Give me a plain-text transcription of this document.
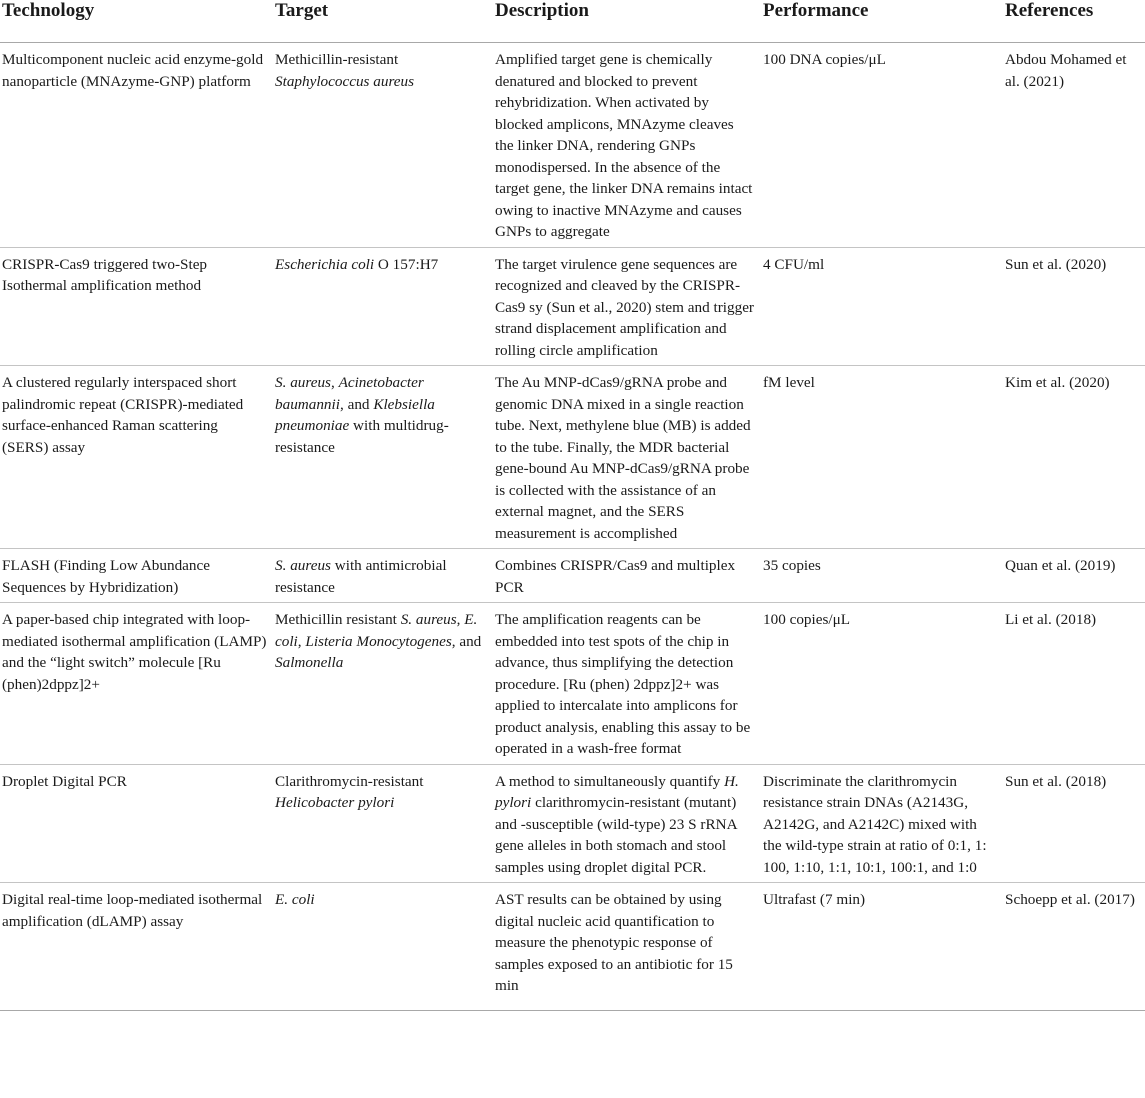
Technology	Target	Description	Performance	References
Multicomponent nucleic acid enzyme-gold nanoparticle (MNAzyme-GNP) platform	Methicillin-resistant Staphylococcus aureus	Amplified target gene is chemically denatured and blocked to prevent rehybridization. When activated by blocked amplicons, MNAzyme cleaves the linker DNA, rendering GNPs monodispersed. In the absence of the target gene, the linker DNA remains intact owing to inactive MNAzyme and causes GNPs to aggregate	100 DNA copies/μL	Abdou Mohamed et al. (2021)
CRISPR-Cas9 triggered two-Step Isothermal amplification method	Escherichia coli O 157:H7	The target virulence gene sequences are recognized and cleaved by the CRISPR-Cas9 sy (Sun et al., 2020) stem and trigger strand displacement amplification and rolling circle amplification	4 CFU/ml	Sun et al. (2020)
A clustered regularly interspaced short palindromic repeat (CRISPR)-mediated surface-enhanced Raman scattering (SERS) assay	S. aureus, Acinetobacter baumannii, and Klebsiella pneumoniae with multidrug-resistance	The Au MNP-dCas9/gRNA probe and genomic DNA mixed in a single reaction tube. Next, methylene blue (MB) is added to the tube. Finally, the MDR bacterial gene-bound Au MNP-dCas9/gRNA probe is collected with the assistance of an external magnet, and the SERS measurement is accomplished	fM level	Kim et al. (2020)
FLASH (Finding Low Abundance Sequences by Hybridization)	S. aureus with antimicrobial resistance	Combines CRISPR/Cas9 and multiplex PCR	35 copies	Quan et al. (2019)
A paper-based chip integrated with loop-mediated isothermal amplification (LAMP) and the “light switch” molecule [Ru (phen)2dppz]2+	Methicillin resistant S. aureus, E. coli, Listeria Monocytogenes, and Salmonella	The amplification reagents can be embedded into test spots of the chip in advance, thus simplifying the detection procedure. [Ru (phen) 2dppz]2+ was applied to intercalate into amplicons for product analysis, enabling this assay to be operated in a wash-free format	100 copies/μL	Li et al. (2018)
Droplet Digital PCR	Clarithromycin-resistant Helicobacter pylori	A method to simultaneously quantify H. pylori clarithromycin-resistant (mutant) and -susceptible (wild-type) 23 S rRNA gene alleles in both stomach and stool samples using droplet digital PCR.	Discriminate the clarithromycin resistance strain DNAs (A2143G, A2142G, and A2142C) mixed with the wild-type strain at ratio of 0:1, 1: 100, 1:10, 1:1, 10:1, 100:1, and 1:0	Sun et al. (2018)
Digital real-time loop-mediated isothermal amplification (dLAMP) assay	E. coli	AST results can be obtained by using digital nucleic acid quantification to measure the phenotypic response of samples exposed to an antibiotic for 15 min	Ultrafast (7 min)	Schoepp et al. (2017)
